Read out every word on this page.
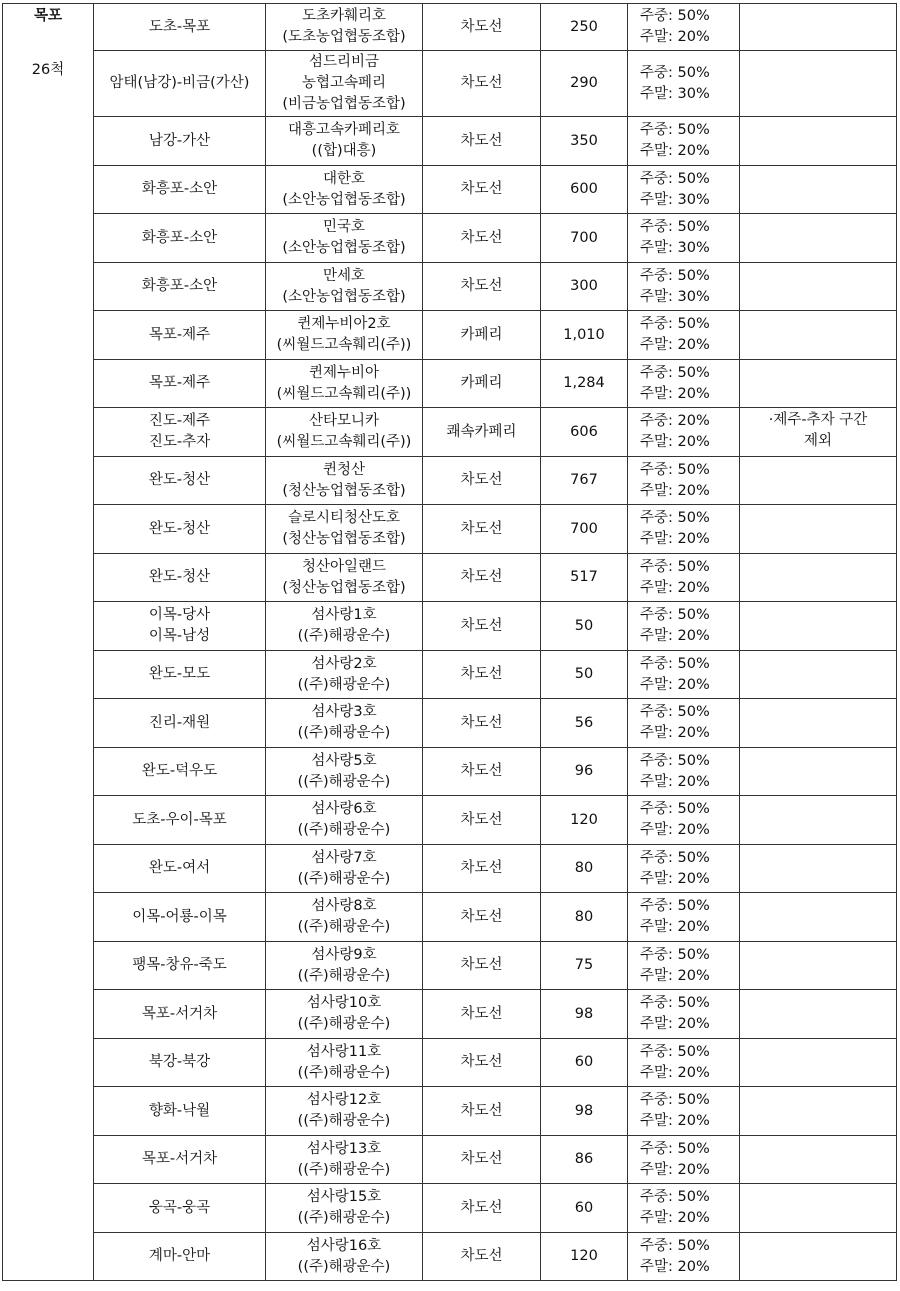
목포
26척	도초-목포	도초카훼리호
(도초농업협동조합)	차도선	250	주중: 50%
주말: 20%	

	암태(남강)-비금(가산)	섬드리비금
농협고속페리
(비금농업협동조합)	차도선	290	주중: 50%
주말: 30%	

	남강-가산	대흥고속카페리호
((합)대흥)	차도선	350	주중: 50%
주말: 20%	

	화흥포-소안	대한호
(소안농업협동조합)	차도선	600	주중: 50%
주말: 30%	

	화흥포-소안	민국호
(소안농업협동조합)	차도선	700	주중: 50%
주말: 30%	

	화흥포-소안	만세호
(소안농업협동조합)	차도선	300	주중: 50%
주말: 30%	

	목포-제주	퀸제누비아2호
(씨월드고속훼리(주))	카페리	1,010	주중: 50%
주말: 20%	

	목포-제주	퀸제누비아
(씨월드고속훼리(주))	카페리	1,284	주중: 50%
주말: 20%	

	진도-제주
진도-추자	산타모니카
(씨월드고속훼리(주))	쾌속카페리	606	주중: 20%
주말: 20%	·제주-추자 구간
제외

	완도-청산	퀸청산
(청산농업협동조합)	차도선	767	주중: 50%
주말: 20%	

	완도-청산	슬로시티청산도호
(청산농업협동조합)	차도선	700	주중: 50%
주말: 20%	

	완도-청산	청산아일랜드
(청산농업협동조합)	차도선	517	주중: 50%
주말: 20%	

	이목-당사
이목-남성	섬사랑1호
((주)해광운수)	차도선	50	주중: 50%
주말: 20%	

	완도-모도	섬사랑2호
((주)해광운수)	차도선	50	주중: 50%
주말: 20%	

	진리-재원	섬사랑3호
((주)해광운수)	차도선	56	주중: 50%
주말: 20%	

	완도-덕우도	섬사랑5호
((주)해광운수)	차도선	96	주중: 50%
주말: 20%	

	도초-우이-목포	섬사랑6호
((주)해광운수)	차도선	120	주중: 50%
주말: 20%	

	완도-여서	섬사랑7호
((주)해광운수)	차도선	80	주중: 50%
주말: 20%	

	이목-어룡-이목	섬사랑8호
((주)해광운수)	차도선	80	주중: 50%
주말: 20%	

	팽목-창유-죽도	섬사랑9호
((주)해광운수)	차도선	75	주중: 50%
주말: 20%	

	목포-서거차	섬사랑10호
((주)해광운수)	차도선	98	주중: 50%
주말: 20%	

	북강-북강	섬사랑11호
((주)해광운수)	차도선	60	주중: 50%
주말: 20%	

	향화-낙월	섬사랑12호
((주)해광운수)	차도선	98	주중: 50%
주말: 20%	

	목포-서거차	섬사랑13호
((주)해광운수)	차도선	86	주중: 50%
주말: 20%	

	웅곡-웅곡	섬사랑15호
((주)해광운수)	차도선	60	주중: 50%
주말: 20%	

	계마-안마	섬사랑16호
((주)해광운수)	차도선	120	주중: 50%
주말: 20%	
